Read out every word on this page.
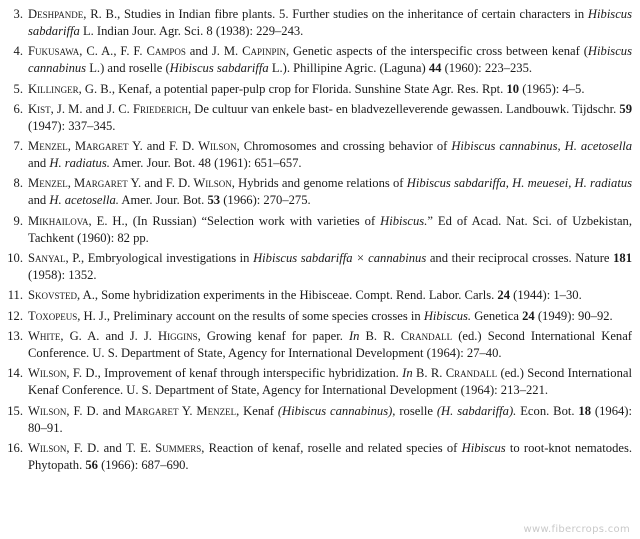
3. Deshpande, R. B., Studies in Indian fibre plants. 5. Further studies on the inheritance of certain characters in Hibiscus sabdariffa L. Indian Jour. Agr. Sci. 8 (1938): 229–243.
4. Fukusawa, C. A., F. F. Campos and J. M. Capinpin, Genetic aspects of the interspecific cross between kenaf (Hibiscus cannabinus L.) and roselle (Hibiscus sabdariffa L.). Phillipine Agric. (Laguna) 44 (1960): 223–235.
5. Killinger, G. B., Kenaf, a potential paper-pulp crop for Florida. Sunshine State Agr. Res. Rpt. 10 (1965): 4–5.
6. Kist, J. M. and J. C. Friederich, De cultuur van enkele bast- en bladvezelleverende gewassen. Landbouwk. Tijdschr. 59 (1947): 337–345.
7. Menzel, Margaret Y. and F. D. Wilson, Chromosomes and crossing behavior of Hibiscus cannabinus, H. acetosella and H. radiatus. Amer. Jour. Bot. 48 (1961): 651–657.
8. Menzel, Margaret Y. and F. D. Wilson, Hybrids and genome relations of Hibiscus sabdariffa, H. meuesei, H. radiatus and H. acetosella. Amer. Jour. Bot. 53 (1966): 270–275.
9. Mikhailova, E. H., (In Russian) “Selection work with varieties of Hibiscus.” Ed of Acad. Nat. Sci. of Uzbekistan, Tachkent (1960): 82 pp.
10. Sanyal, P., Embryological investigations in Hibiscus sabdariffa × cannabinus and their reciprocal crosses. Nature 181 (1958): 1352.
11. Skovsted, A., Some hybridization experiments in the Hibisceae. Compt. Rend. Labor. Carls. 24 (1944): 1–30.
12. Toxopeus, H. J., Preliminary account on the results of some species crosses in Hibiscus. Genetica 24 (1949): 90–92.
13. White, G. A. and J. J. Higgins, Growing kenaf for paper. In B. R. Crandall (ed.) Second International Kenaf Conference. U. S. Department of State, Agency for International Development (1964): 27–40.
14. Wilson, F. D., Improvement of kenaf through interspecific hybridization. In B. R. Crandall (ed.) Second International Kenaf Conference. U. S. Department of State, Agency for International Development (1964): 213–221.
15. Wilson, F. D. and Margaret Y. Menzel, Kenaf (Hibiscus cannabinus), roselle (H. sabdariffa). Econ. Bot. 18 (1964): 80–91.
16. Wilson, F. D. and T. E. Summers, Reaction of kenaf, roselle and related species of Hibiscus to root-knot nematodes. Phytopath. 56 (1966): 687–690.
www.fibercrops.com
